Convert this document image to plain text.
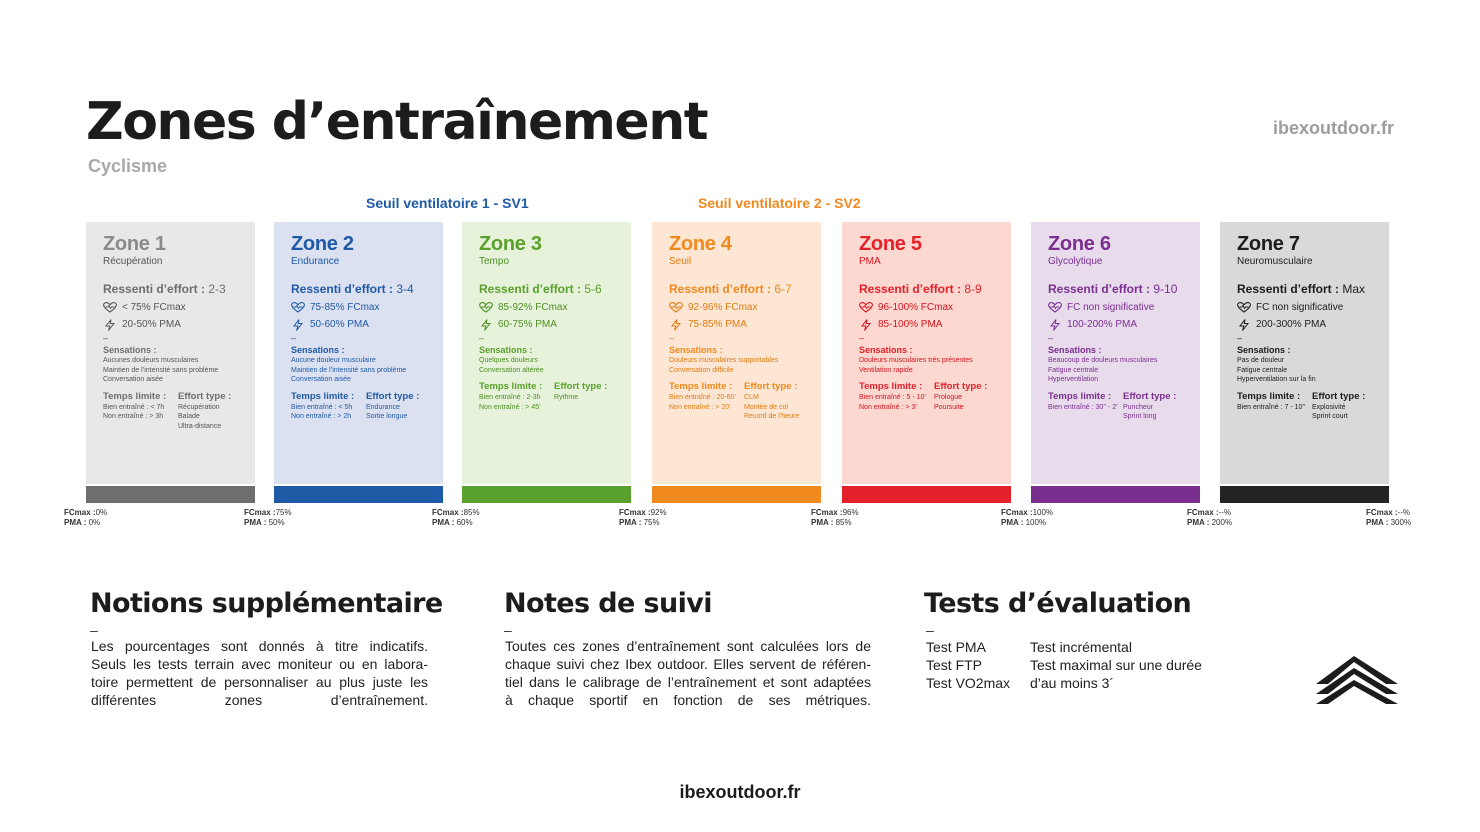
Zones d’entraînement
Cyclisme
ibexoutdoor.fr
Seuil ventilatoire 1 - SV1	Seuil ventilatoire 2 - SV2
Zone 1
Récupération
Ressenti d’effort : 2-3
< 75% FCmax
20-50% PMA
–
Sensations :
Aucunes douleurs musculaires
Maintien de l’intensité sans problème
Conversation aisée
Temps limite :
Bien entraîné : < 7h
Non entraîné : > 3h
Effort type :
Récupération
Balade
Ultra-distance
Zone 2
Endurance
Ressenti d’effort : 3-4
75-85% FCmax
50-60% PMA
–
Sensations :
Aucune douleur musculaire
Maintien de l’intensité sans problème
Conversation aisée
Temps limite :
Bien entraîné : < 5h
Non entraîné : > 2h
Effort type :
Endurance
Sortie longue
Zone 3
Tempo
Ressenti d’effort : 5-6
85-92% FCmax
60-75% PMA
–
Sensations :
Quelques douleurs
Conversation altérée
Temps limite :
Bien entraîné : 2-3h
Non entraîné : > 45’
Effort type :
Rythme
Zone 4
Seuil
Ressenti d’effort : 6-7
92-96% FCmax
75-85% PMA
–
Sensations :
Douleurs musculaires supportables
Conversation difficile
Temps limite :
Bien entraîné : 20-60’
Non entraîné : > 20’
Effort type :
CLM
Montée de col
Record de l’heure
Zone 5
PMA
Ressenti d’effort : 8-9
96-100% FCmax
85-100% PMA
–
Sensations :
Douleurs musculaires très présentes
Ventilation rapide
Temps limite :
Bien entraîné : 5 - 10’
Non entraîné : > 3’
Effort type :
Prologue
Poursuite
Zone 6
Glycolytique
Ressenti d’effort : 9-10
FC non significative
100-200% PMA
–
Sensations :
Beaucoup de douleurs musculaires
Fatigue centrale
Hyperventilation
Temps limite :
Bien entraîné : 30’’ - 2’
Effort type :
Puncheur
Sprint long
Zone 7
Neuromusculaire
Ressenti d’effort : Max
FC non significative
200-300% PMA
–
Sensations :
Pas de douleur
Fatigue centrale
Hyperventilation sur la fin
Temps limite :
Bien entraîné : 7 - 10’’
Effort type :
Explosivité
Sprint court
FCmax :0%
PMA : 0%
FCmax :75%
PMA : 50%
FCmax :85%
PMA : 60%
FCmax :92%
PMA : 75%
FCmax :96%
PMA : 85%
FCmax :100%
PMA : 100%
FCmax :--%
PMA : 200%
FCmax :--%
PMA : 300%
Notions supplémentaire
–
Les pourcentages sont donnés à titre indicatifs.
Seuls les tests terrain avec moniteur ou en labora-
toire permettent de personnaliser au plus juste les
différentes zones d’entraînement.
Notes de suivi
–
Toutes ces zones d’entraînement sont calculées lors de
chaque suivi chez Ibex outdoor. Elles servent de référen-
tiel dans le calibrage de l’entraînement et sont adaptées
à chaque sportif en fonction de ses métriques.
Tests d’évaluation
–
Test PMA	Test incrémental
Test FTP	Test maximal sur une durée
Test VO2max	d’au moins 3´
ibexoutdoor.fr
